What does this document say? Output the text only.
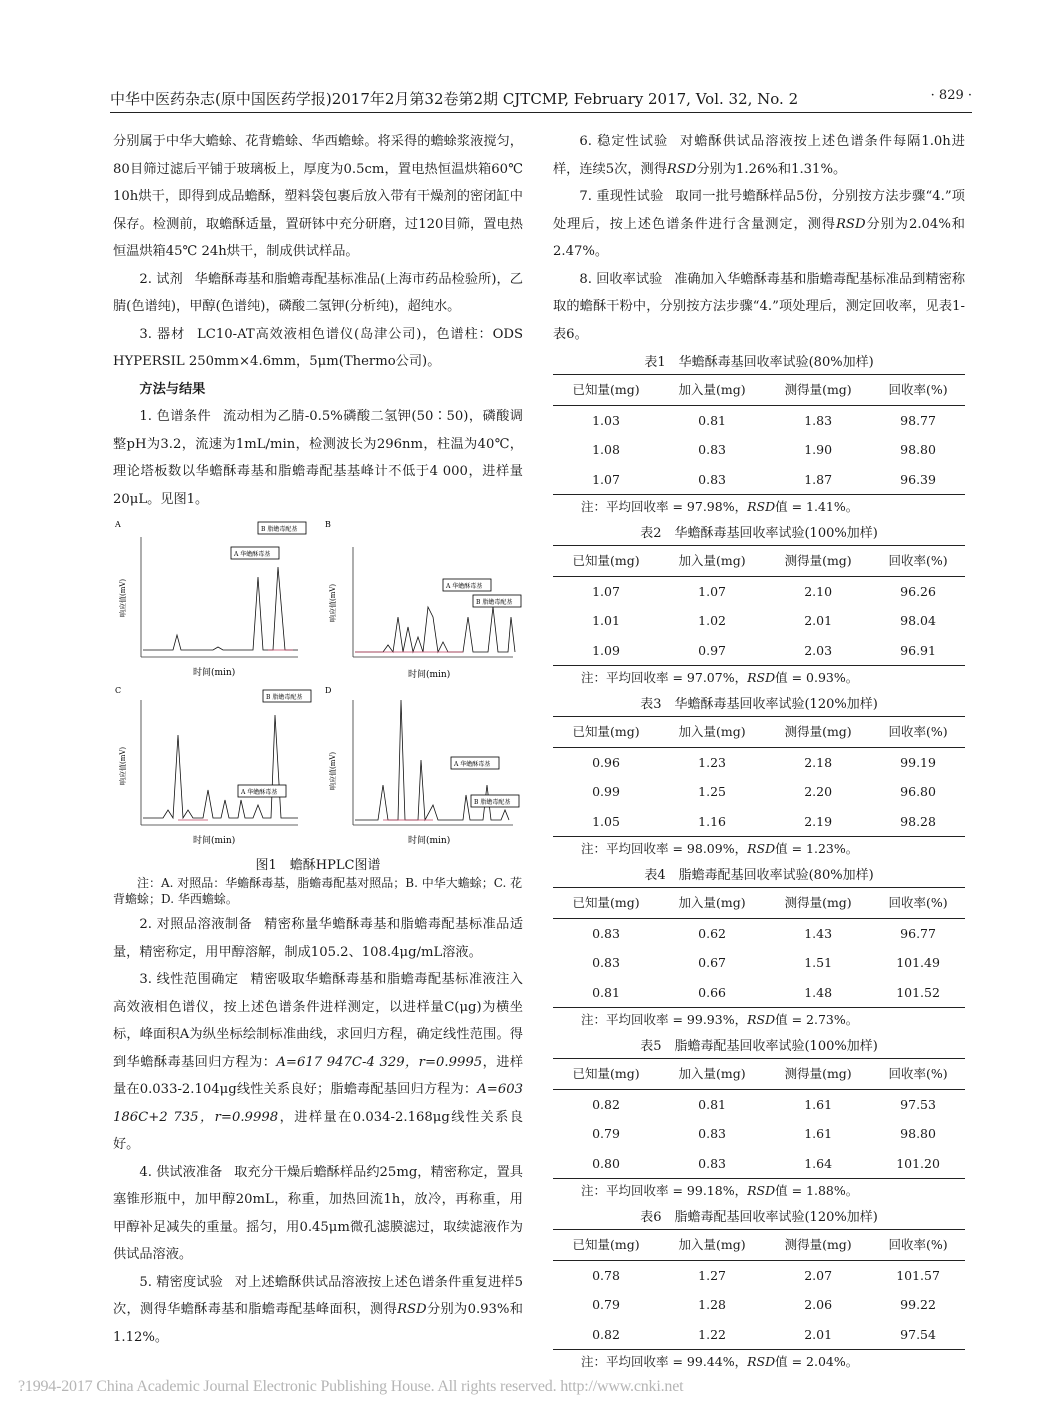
中华中医药杂志(原中国医药学报)2017年2月第32卷第2期 CJTCMP, February 2017, Vol. 32, No. 2	· 829 ·

分别属于中华大蟾蜍、花背蟾蜍、华西蟾蜍。将采得的蟾蜍浆液搅匀，80目筛过滤后平铺于玻璃板上，厚度为0.5cm，置电热恒温烘箱60℃ 10h烘干，即得到成品蟾酥，塑料袋包裹后放入带有干燥剂的密闭缸中保存。检测前，取蟾酥适量，置研钵中充分研磨，过120目筛，置电热恒温烘箱45℃ 24h烘干，制成供试样品。

2. 试剂 华蟾酥毒基和脂蟾毒配基标准品(上海市药品检验所)，乙腈(色谱纯)，甲醇(色谱纯)，磷酸二氢钾(分析纯)，超纯水。

3. 器材 LC10-AT高效液相色谱仪(岛津公司)，色谱柱：ODS HYPERSIL 250mm×4.6mm，5μm(Thermo公司)。

方法与结果

1. 色谱条件 流动相为乙腈-0.5%磷酸二氢钾(50∶50)，磷酸调整pH为3.2，流速为1mL/min，检测波长为296nm，柱温为40℃，理论塔板数以华蟾酥毒基和脂蟾毒配基基峰计不低于4 000，进样量20μL。见图1。

A
响应值(mV)
A 华蟾酥毒基
B 脂蟾毒配基
时间(min)
B
响应值(mV)	A 华蟾酥毒基
B 脂蟾毒配基
时间(min)
C
响应值(mV)
A 华蟾酥毒基
B 脂蟾毒配基
时间(min)
D
响应值(mV)	A 华蟾酥毒基
B 脂蟾毒配基
时间(min)
图1　蟾酥HPLC图谱
注：A. 对照品：华蟾酥毒基，脂蟾毒配基对照品；B. 中华大蟾蜍；C. 花背蟾蜍；D. 华西蟾蜍。

2. 对照品溶液制备 精密称量华蟾酥毒基和脂蟾毒配基标准品适量，精密称定，用甲醇溶解，制成105.2、108.4μg/mL溶液。

3. 线性范围确定 精密吸取华蟾酥毒基和脂蟾毒配基标准液注入高效液相色谱仪，按上述色谱条件进样测定，以进样量C(μg)为横坐标，峰面积A为纵坐标绘制标准曲线，求回归方程，确定线性范围。得到华蟾酥毒基回归方程为：A=617 947C-4 329，r=0.9995，进样量在0.033-2.104μg线性关系良好；脂蟾毒配基回归方程为：A=603 186C+2 735，r=0.9998，进样量在0.034-2.168μg线性关系良好。

4. 供试液准备 取充分干燥后蟾酥样品约25mg，精密称定，置具塞锥形瓶中，加甲醇20mL，称重，加热回流1h，放冷，再称重，用甲醇补足减失的重量。摇匀，用0.45μm微孔滤膜滤过，取续滤液作为供试品溶液。

5. 精密度试验 对上述蟾酥供试品溶液按上述色谱条件重复进样5次，测得华蟾酥毒基和脂蟾毒配基峰面积，测得RSD分别为0.93%和1.12%。

6. 稳定性试验 对蟾酥供试品溶液按上述色谱条件每隔1.0h进样，连续5次，测得RSD分别为1.26%和1.31%。

7. 重现性试验 取同一批号蟾酥样品5份，分别按方法步骤“4.”项处理后，按上述色谱条件进行含量测定，测得RSD分别为2.04%和2.47%。

8. 回收率试验 准确加入华蟾酥毒基和脂蟾毒配基标准品到精密称取的蟾酥干粉中，分别按方法步骤“4.”项处理后，测定回收率，见表1-表6。

表1　华蟾酥毒基回收率试验(80%加样)
已知量(mg)	加入量(mg)	测得量(mg)	回收率(%)
1.03	0.81	1.83	98.77
1.08	0.83	1.90	98.80
1.07	0.83	1.87	96.39
注：平均回收率 = 97.98%，RSD值 = 1.41%。
表2　华蟾酥毒基回收率试验(100%加样)
已知量(mg)	加入量(mg)	测得量(mg)	回收率(%)
1.07	1.07	2.10	96.26
1.01	1.02	2.01	98.04
1.09	0.97	2.03	96.91
注：平均回收率 = 97.07%，RSD值 = 0.93%。
表3　华蟾酥毒基回收率试验(120%加样)
已知量(mg)	加入量(mg)	测得量(mg)	回收率(%)
0.96	1.23	2.18	99.19
0.99	1.25	2.20	96.80
1.05	1.16	2.19	98.28
注：平均回收率 = 98.09%，RSD值 = 1.23%。
表4　脂蟾毒配基回收率试验(80%加样)
已知量(mg)	加入量(mg)	测得量(mg)	回收率(%)
0.83	0.62	1.43	96.77
0.83	0.67	1.51	101.49
0.81	0.66	1.48	101.52
注：平均回收率 = 99.93%，RSD值 = 2.73%。
表5　脂蟾毒配基回收率试验(100%加样)
已知量(mg)	加入量(mg)	测得量(mg)	回收率(%)
0.82	0.81	1.61	97.53
0.79	0.83	1.61	98.80
0.80	0.83	1.64	101.20
注：平均回收率 = 99.18%，RSD值 = 1.88%。
表6　脂蟾毒配基回收率试验(120%加样)
已知量(mg)	加入量(mg)	测得量(mg)	回收率(%)
0.78	1.27	2.07	101.57
0.79	1.28	2.06	99.22
0.82	1.22	2.01	97.54
注：平均回收率 = 99.44%，RSD值 = 2.04%。
?1994-2017 China Academic Journal Electronic Publishing House. All rights reserved. http://www.cnki.net
